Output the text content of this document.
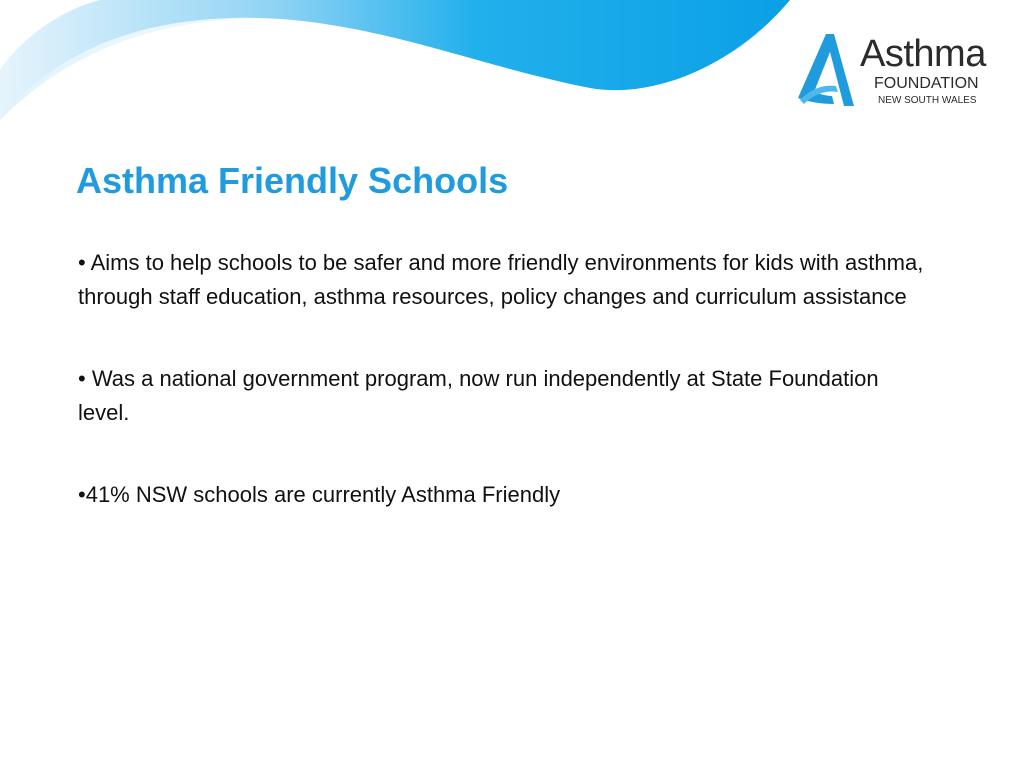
Asthma
FOUNDATION
NEW SOUTH WALES
Asthma Friendly Schools
• Aims to help schools to be safer and more friendly environments for kids with asthma, through staff education, asthma resources, policy changes and curriculum assistance
• Was a national government program, now run independently at State Foundation level.
•41% NSW schools are currently Asthma Friendly
